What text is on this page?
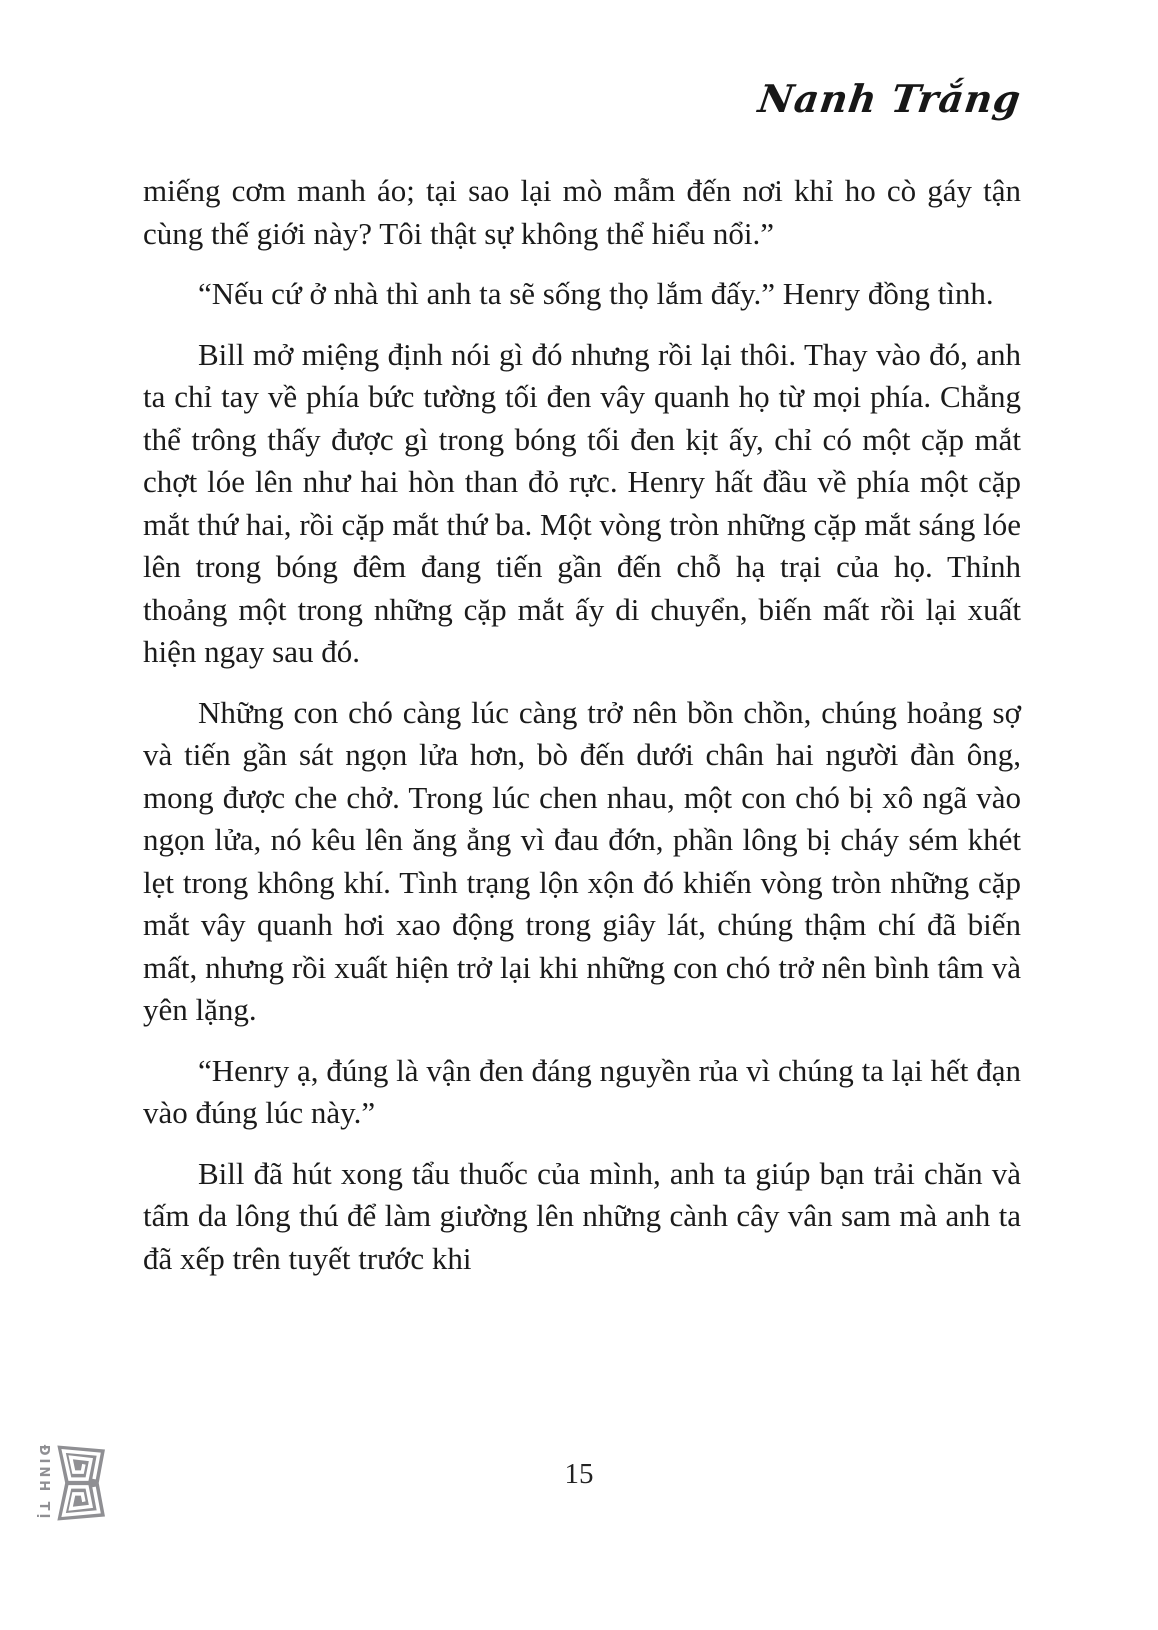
Nanh Trắng

miếng cơm manh áo; tại sao lại mò mẫm đến nơi khỉ ho cò gáy tận cùng thế giới này? Tôi thật sự không thể hiểu nổi.”

“Nếu cứ ở nhà thì anh ta sẽ sống thọ lắm đấy.” Henry đồng tình.

Bill mở miệng định nói gì đó nhưng rồi lại thôi. Thay vào đó, anh ta chỉ tay về phía bức tường tối đen vây quanh họ từ mọi phía. Chẳng thể trông thấy được gì trong bóng tối đen kịt ấy, chỉ có một cặp mắt chợt lóe lên như hai hòn than đỏ rực. Henry hất đầu về phía một cặp mắt thứ hai, rồi cặp mắt thứ ba. Một vòng tròn những cặp mắt sáng lóe lên trong bóng đêm đang tiến gần đến chỗ hạ trại của họ. Thỉnh thoảng một trong những cặp mắt ấy di chuyển, biến mất rồi lại xuất hiện ngay sau đó.

Những con chó càng lúc càng trở nên bồn chồn, chúng hoảng sợ và tiến gần sát ngọn lửa hơn, bò đến dưới chân hai người đàn ông, mong được che chở. Trong lúc chen nhau, một con chó bị xô ngã vào ngọn lửa, nó kêu lên ăng ẳng vì đau đớn, phần lông bị cháy sém khét lẹt trong không khí. Tình trạng lộn xộn đó khiến vòng tròn những cặp mắt vây quanh hơi xao động trong giây lát, chúng thậm chí đã biến mất, nhưng rồi xuất hiện trở lại khi những con chó trở nên bình tâm và yên lặng.

“Henry ạ, đúng là vận đen đáng nguyền rủa vì chúng ta lại hết đạn vào đúng lúc này.”

Bill đã hút xong tẩu thuốc của mình, anh ta giúp bạn trải chăn và tấm da lông thú để làm giường lên những cành cây vân sam mà anh ta đã xếp trên tuyết trước khi

15
ĐINH TỊ
